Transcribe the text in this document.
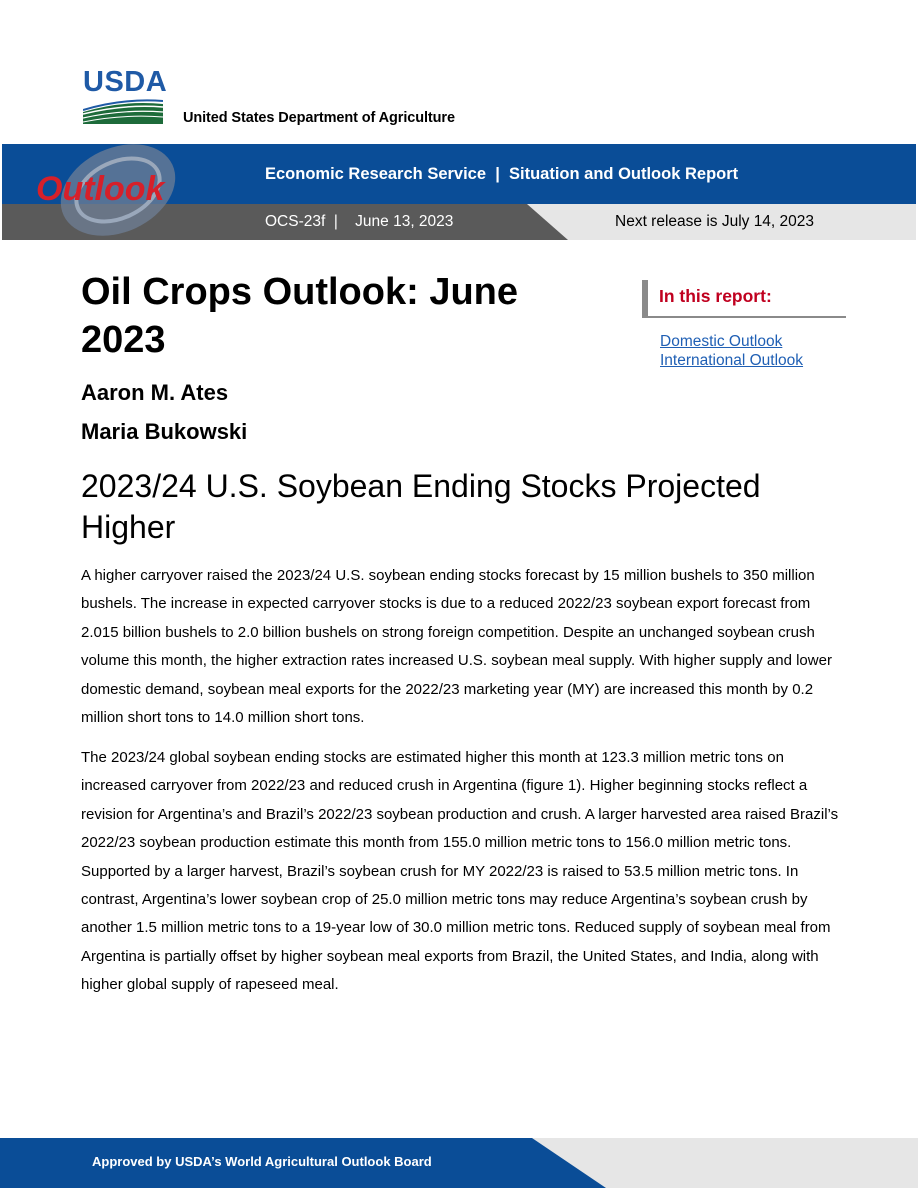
USDA
United States Department of Agriculture
Outlook	Economic Research Service  |  Situation and Outlook Report
OCS-23f  |    June 13, 2023	Next release is July 14, 2023
Oil Crops Outlook: June 2023
Aaron M. Ates
Maria Bukowski
In this report:
Domestic Outlook
International Outlook
2023/24 U.S. Soybean Ending Stocks Projected Higher

A higher carryover raised the 2023/24 U.S. soybean ending stocks forecast by 15 million bushels to 350 million bushels. The increase in expected carryover stocks is due to a reduced 2022/23 soybean export forecast from 2.015 billion bushels to 2.0 billion bushels on strong foreign competition. Despite an unchanged soybean crush volume this month, the higher extraction rates increased U.S. soybean meal supply. With higher supply and lower domestic demand, soybean meal exports for the 2022/23 marketing year (MY) are increased this month by 0.2 million short tons to 14.0 million short tons.

The 2023/24 global soybean ending stocks are estimated higher this month at 123.3 million metric tons on increased carryover from 2022/23 and reduced crush in Argentina (figure 1). Higher beginning stocks reflect a revision for Argentina’s and Brazil’s 2022/23 soybean production and crush. A larger harvested area raised Brazil’s 2022/23 soybean production estimate this month from 155.0 million metric tons to 156.0 million metric tons. Supported by a larger harvest, Brazil’s soybean crush for MY 2022/23 is raised to 53.5 million metric tons. In contrast, Argentina’s lower soybean crop of 25.0 million metric tons may reduce Argentina’s soybean crush by another 1.5 million metric tons to a 19-year low of 30.0 million metric tons. Reduced supply of soybean meal from Argentina is partially offset by higher soybean meal exports from Brazil, the United States, and India, along with higher global supply of rapeseed meal.

Approved by USDA’s World Agricultural Outlook Board
